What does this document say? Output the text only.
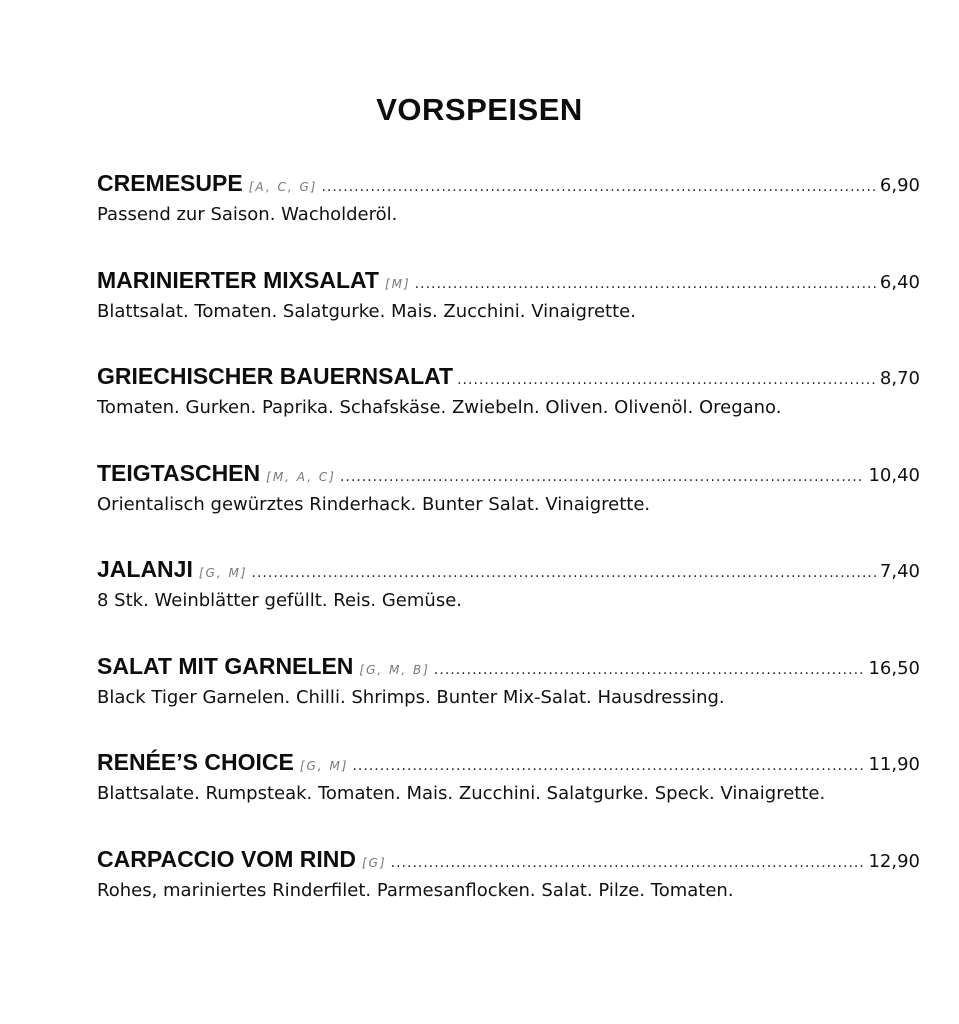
VORSPEISEN
CREMESUPE [A, C, G] .....	6,90
Passend zur Saison. Wacholderöl.
MARINIERTER MIXSALAT [M] .....	6,40
Blattsalat. Tomaten. Salatgurke. Mais. Zucchini. Vinaigrette.
GRIECHISCHER BAUERNSALAT .....	8,70
Tomaten. Gurken. Paprika. Schafskäse. Zwiebeln. Oliven. Olivenöl. Oregano.
TEIGTASCHEN [M, A, C] .....	10,40
Orientalisch gewürztes Rinderhack. Bunter Salat. Vinaigrette.
JALANJI [G, M] .....	7,40
8 Stk. Weinblätter gefüllt. Reis. Gemüse.
SALAT MIT GARNELEN [G, M, B] .....	16,50
Black Tiger Garnelen. Chilli. Shrimps. Bunter Mix-Salat. Hausdressing.
RENÉE’S CHOICE [G, M] .....	11,90
Blattsalate. Rumpsteak. Tomaten. Mais. Zucchini. Salatgurke. Speck. Vinaigrette.
CARPACCIO VOM RIND [G] .....	12,90
Rohes, mariniertes Rinderfilet. Parmesanflocken. Salat. Pilze. Tomaten.
